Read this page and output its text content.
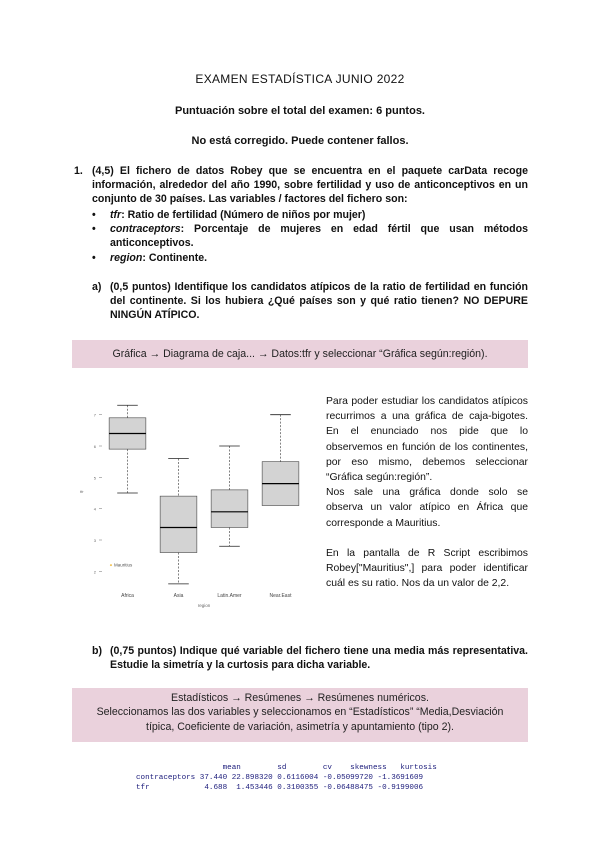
EXAMEN ESTADÍSTICA JUNIO 2022
Puntuación sobre el total del examen: 6 puntos.
No está corregido. Puede contener fallos.
1. (4,5) El fichero de datos Robey que se encuentra en el paquete carData recoge información, alrededor del año 1990, sobre fertilidad y uso de anticonceptivos en un conjunto de 30 países. Las variables / factores del fichero son:
• tfr: Ratio de fertilidad (Número de niños por mujer)
• contraceptors: Porcentaje de mujeres en edad fértil que usan métodos anticonceptivos.
• region: Continente.
a) (0,5 puntos) Identifique los candidatos atípicos de la ratio de fertilidad en función del continente. Si los hubiera ¿Qué países son y qué ratio tienen? NO DEPURE NINGÚN ATÍPICO.
Gráfica → Diagrama de caja... → Datos:tfr y seleccionar “Gráfica según:región).
2
3
4
5
6
7
tfr
Africa	Asia	Latin.Amer	Near.East
Mauritius
region

Para poder estudiar los candidatos atípicos recurrimos a una gráfica de caja-bigotes. En el enunciado nos pide que lo observemos en función de los continentes, por eso mismo, debemos seleccionar “Gráfica según:región”.

Nos sale una gráfica donde solo se observa un valor atípico en África que corresponde a Mauritius.

En la pantalla de R Script escribimos Robey["Mauritius",] para poder identificar cuál es su ratio. Nos da un valor de 2,2.

b) (0,75 puntos) Indique qué variable del fichero tiene una media más representativa. Estudie la simetría y la curtosis para dicha variable.
Estadísticos → Resúmenes → Resúmenes numéricos.
Seleccionamos las dos variables y seleccionamos en “Estadísticos” “Media,Desviación típica, Coeficiente de variación, asimetría y apuntamiento (tipo 2).
mean        sd        cv    skewness   kurtosis
contraceptors 37.440 22.898320 0.6116004 -0.05099720 -1.3691609
tfr            4.688  1.453446 0.3100355 -0.06488475 -0.9199006
